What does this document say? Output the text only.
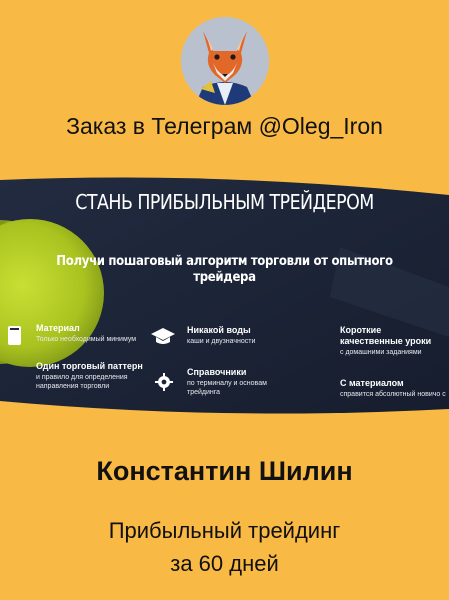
Заказ в Телеграм @Oleg_Iron
СТАНЬ ПРИБЫЛЬНЫМ ТРЕЙДЕРОМ
Получи пошаговый алгоритм торговли от опытного трейдера
Материал
Только необходимый минимум
Никакой воды
каши и двузначности
Короткие качественные уроки
с домашними заданиями
Один торговый паттерн
и правило для определения направления торговли
Справочники
по терминалу и основам трейдинга
С материалом
справится абсолютный новичо с
Константин Шилин
Прибыльный трейдинг
за 60 дней
